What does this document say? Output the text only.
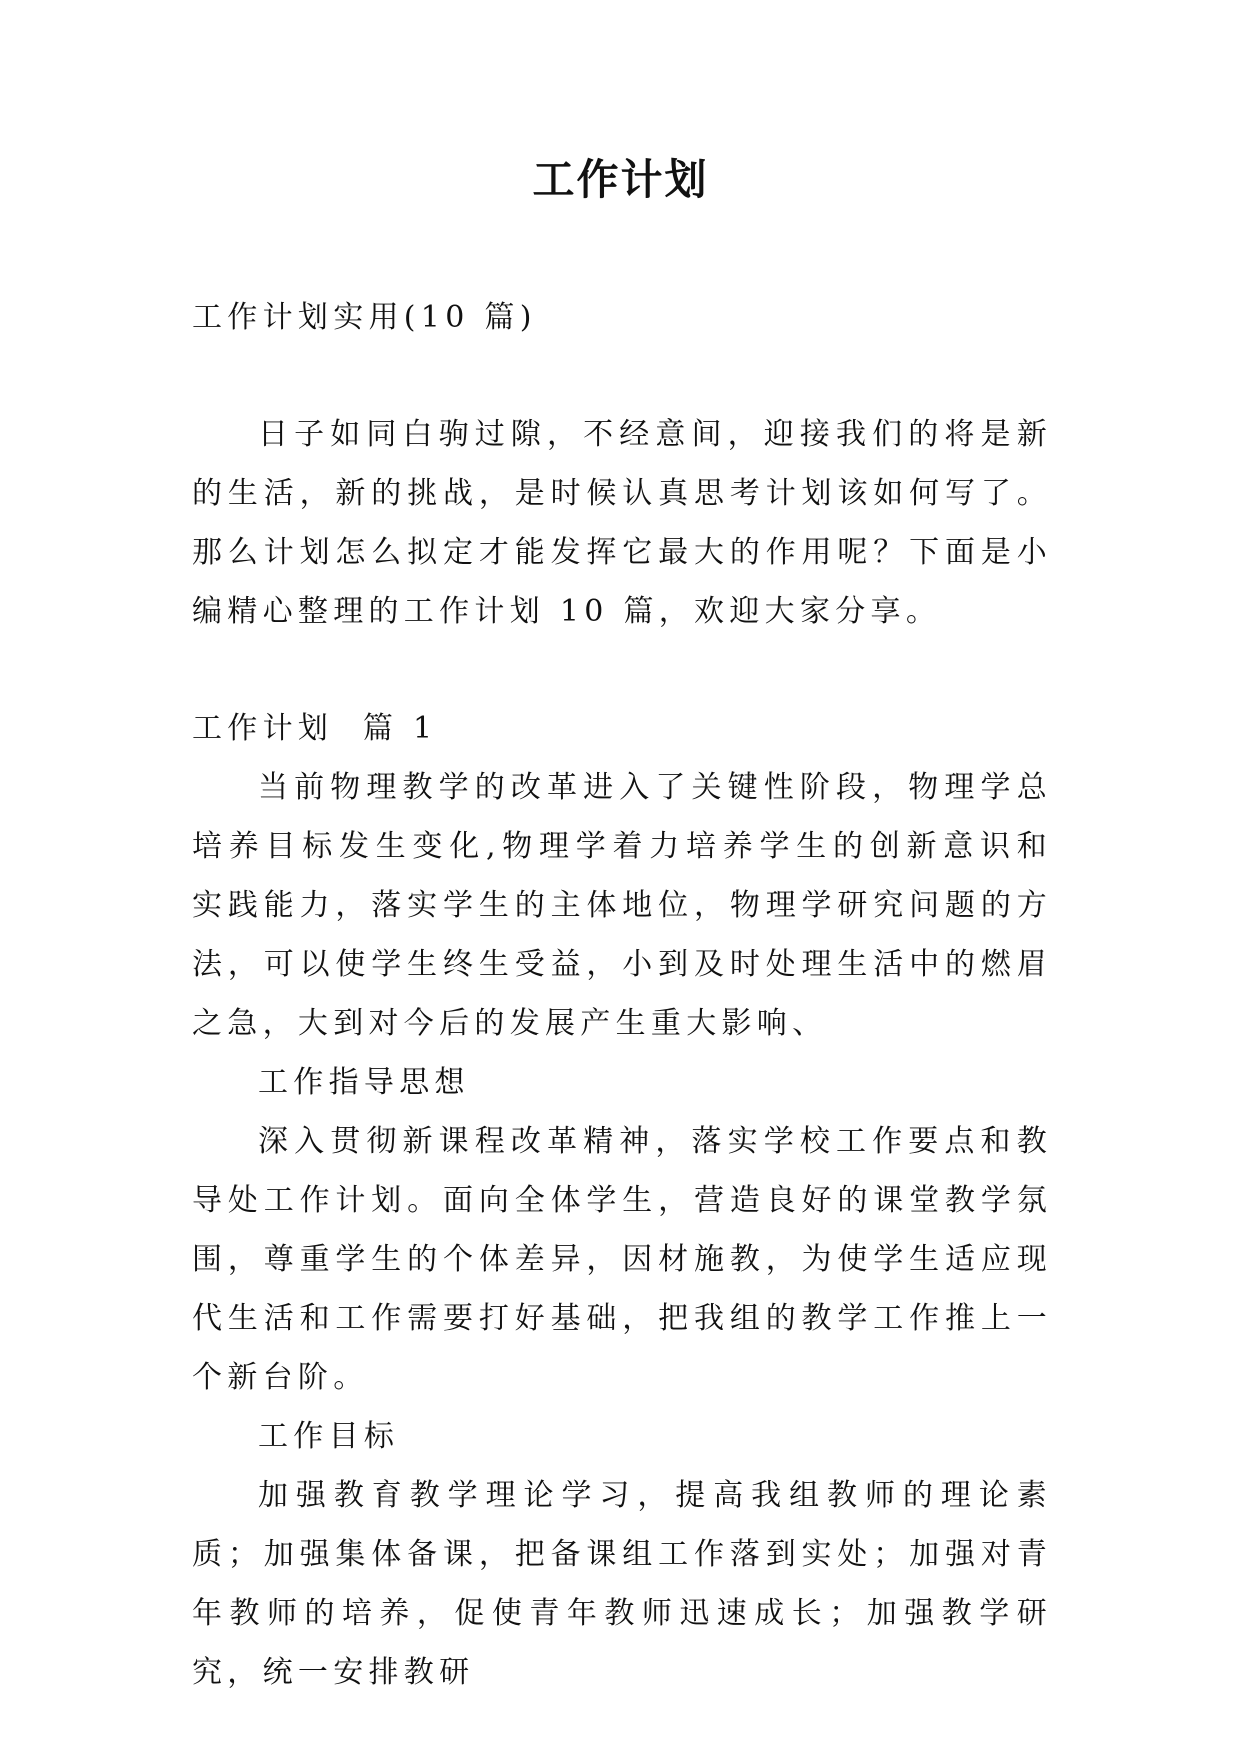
工作计划

工作计划实用(10 篇)

日子如同白驹过隙，不经意间，迎接我们的将是新的生活，新的挑战，是时候认真思考计划该如何写了。那么计划怎么拟定才能发挥它最大的作用呢？下面是小编精心整理的工作计划 10 篇，欢迎大家分享。

工作计划  篇 1

当前物理教学的改革进入了关键性阶段，物理学总培养目标发生变化,物理学着力培养学生的创新意识和实践能力，落实学生的主体地位，物理学研究问题的方法，可以使学生终生受益，小到及时处理生活中的燃眉之急，大到对今后的发展产生重大影响、

工作指导思想

深入贯彻新课程改革精神，落实学校工作要点和教导处工作计划。面向全体学生，营造良好的课堂教学氛围，尊重学生的个体差异，因材施教，为使学生适应现代生活和工作需要打好基础，把我组的教学工作推上一个新台阶。

工作目标

加强教育教学理论学习，提高我组教师的理论素质；加强集体备课，把备课组工作落到实处；加强对青年教师的培养，促使青年教师迅速成长；加强教学研究，统一安排教研
